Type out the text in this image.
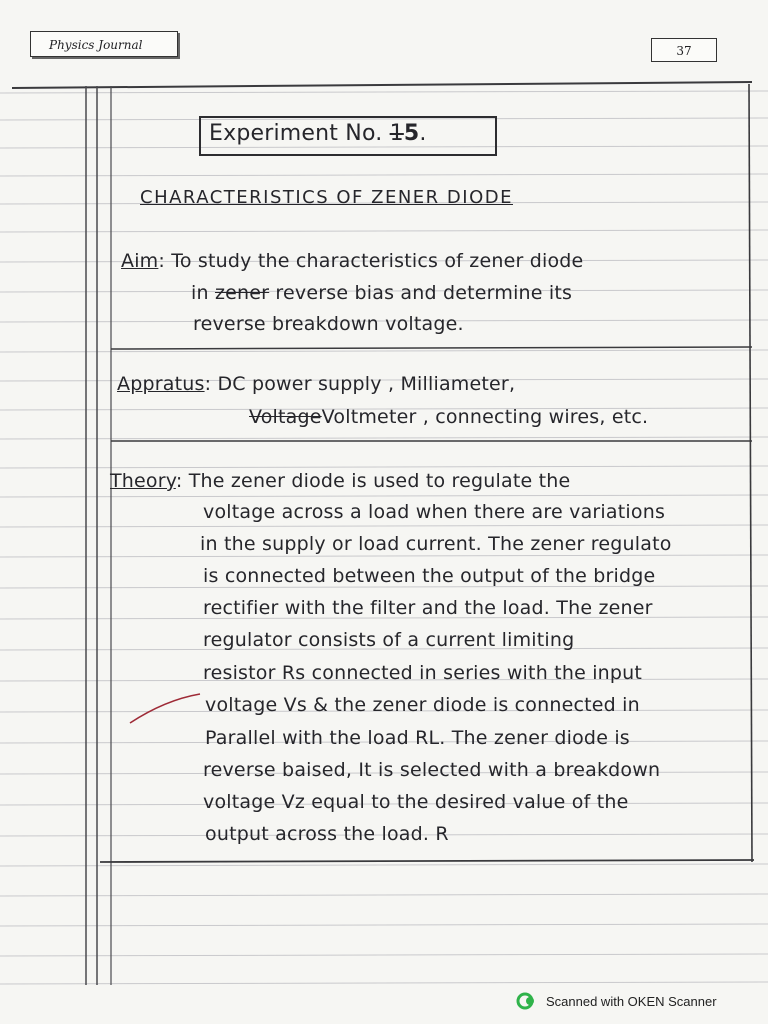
Physics Journal	37
Experiment No. 15.
CHARACTERISTICS OF ZENER DIODE
Aim: To study the characteristics of zener diode
in zener reverse bias and determine its
reverse breakdown voltage.
Appratus: DC power supply , Milliameter,
VoltageVoltmeter , connecting wires, etc.
Theory: The zener diode is used to regulate the
voltage across a load when there are variations
in the supply or load current. The zener regulato
is connected between the output of the bridge
rectifier with the filter and the load. The zener
regulator consists of a current limiting
resistor Rs connected in series with the input
voltage Vs & the zener diode is connected in
Parallel with the load RL. The zener diode is
reverse baised, It is selected with a breakdown
voltage Vz equal to the desired value of the
output across the load. R
Scanned with OKEN Scanner
